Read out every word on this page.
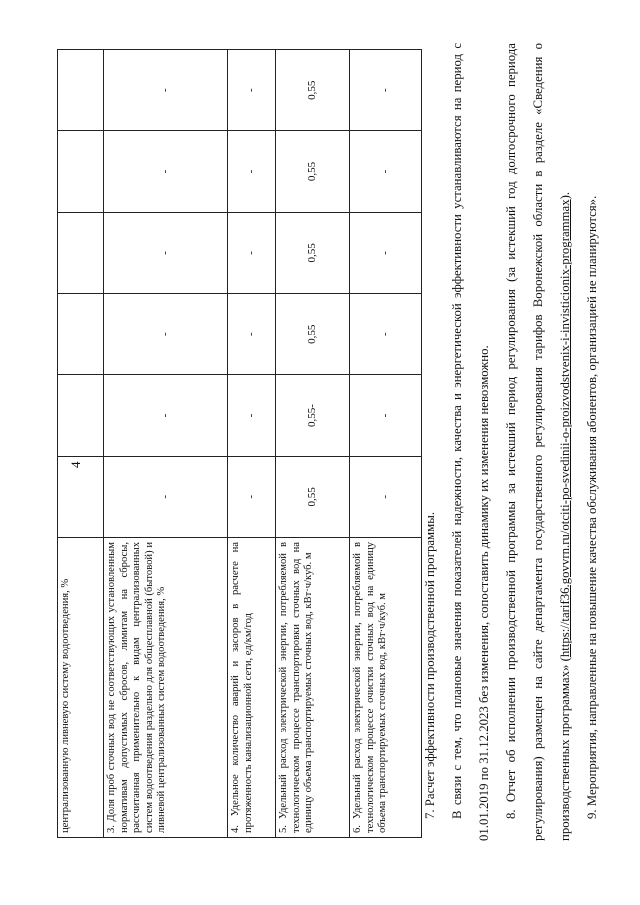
4
централизованную ливневую систему водоотведения, %						
3. Доля проб сточных вод не соответствующих установленным нормативам допустимых сбросов, лимитам на сбросы, рассчитанная применительно к видам централизованных систем водоотведения раздельно для общесплавной (бытовой) и ливневой централизованных систем водоотведения, %	-	-	-	-	-	-
4. Удельное количество аварий и засоров в расчете на протяженность канализационной сети, ед/км/год	-	-	-	-	-	-
5. Удельный расход электрической энергии, потребляемой в технологическом процессе транспортировки сточных вод на единицу объема транспортируемых сточных вод, кВт·ч/куб. м	0,55	0,55-	0,55	0,55	0,55	0,55
6. Удельный расход электрической энергии, потребляемой в технологическом процессе очистки сточных вод на единицу объема транспортируемых сточных вод, кВт·ч/куб. м	-	-	-	-	-	-

7. Расчет эффективности производственной программы.	В связи с тем, что плановые значения показателей надежности, качества и энергетической эффективности устанавливаются на период с 01.01.2019 по 31.12.2023 без изменения, сопоставить динамику их изменения невозможно.	8. Отчет об исполнении производственной программы за истекший период регулирования (за истекший год долгосрочного периода регулирования) размещен на сайте департамента государственного регулирования тарифов Воронежской области в разделе «Сведения о производственных программах» (https://tarif36.govvrn.ru/otciti-po-svedinii-o-proizvodstvenix-i-invisticionix-programmax).

9. Мероприятия, направленные на повышение качества обслуживания абонентов, организацией не планируются».
